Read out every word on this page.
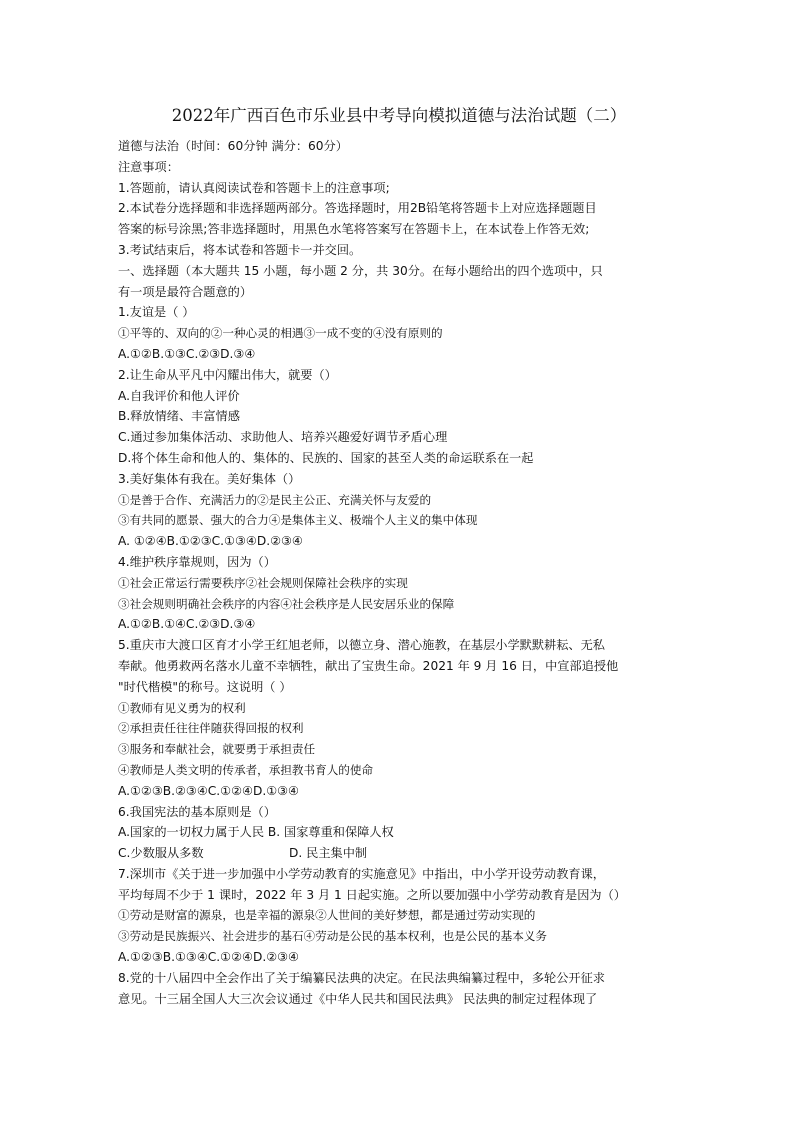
2022年广西百色市乐业县中考导向模拟道德与法治试题（二）
道德与法治（时间：60分钟 满分：60分）
注意事项：
1.答题前，请认真阅读试卷和答题卡上的注意事项;
2.本试卷分选择题和非选择题两部分。答选择题时，用2B铅笔将答题卡上对应选择题题目
答案的标号涂黑;答非选择题时，用黑色水笔将答案写在答题卡上，在本试卷上作答无效;
3.考试结束后，将本试卷和答题卡一并交回。
一、选择题（本大题共 15 小题，每小题 2 分，共 30分。在每小题给出的四个选项中，只
有一项是最符合题意的）
1.友谊是（ ）
①平等的、双向的②一种心灵的相遇③一成不变的④没有原则的
A.①②B.①③C.②③D.③④
2.让生命从平凡中闪耀出伟大，就要（）
A.自我评价和他人评价
B.释放情绪、丰富情感
C.通过参加集体活动、求助他人、培养兴趣爱好调节矛盾心理
D.将个体生命和他人的、集体的、民族的、国家的甚至人类的命运联系在一起
3.美好集体有我在。美好集体（）
①是善于合作、充满活力的②是民主公正、充满关怀与友爱的
③有共同的愿景、强大的合力④是集体主义、极端个人主义的集中体现
A. ①②④B.①②③C.①③④D.②③④
4.维护秩序靠规则，因为（）
①社会正常运行需要秩序②社会规则保障社会秩序的实现
③社会规则明确社会秩序的内容④社会秩序是人民安居乐业的保障
A.①②B.①④C.②③D.③④
5.重庆市大渡口区育才小学王红旭老师，以德立身、潜心施教，在基层小学默默耕耘、无私
奉献。他勇救两名落水儿童不幸牺牲，献出了宝贵生命。2021 年 9 月 16 日，中宣部追授他
"时代楷模"的称号。这说明（ ）
①教师有见义勇为的权利
②承担责任往往伴随获得回报的权利
③服务和奉献社会，就要勇于承担责任
④教师是人类文明的传承者，承担教书育人的使命
A.①②③B.②③④C.①②④D.①③④
6.我国宪法的基本原则是（）
A.国家的一切权力属于人民 B. 国家尊重和保障人权
C.少数服从多数	D. 民主集中制
7.深圳市《关于进一步加强中小学劳动教育的实施意见》中指出，中小学开设劳动教育课，
平均每周不少于 1 课时，2022 年 3 月 1 日起实施。之所以要加强中小学劳动教育是因为（）
①劳动是财富的源泉，也是幸福的源泉②人世间的美好梦想，都是通过劳动实现的
③劳动是民族振兴、社会进步的基石④劳动是公民的基本权利，也是公民的基本义务
A.①②③B.①③④C.①②④D.②③④
8.党的十八届四中全会作出了关于编纂民法典的决定。在民法典编纂过程中，多轮公开征求
意见。十三届全国人大三次会议通过《中华人民共和国民法典》 民法典的制定过程体现了
